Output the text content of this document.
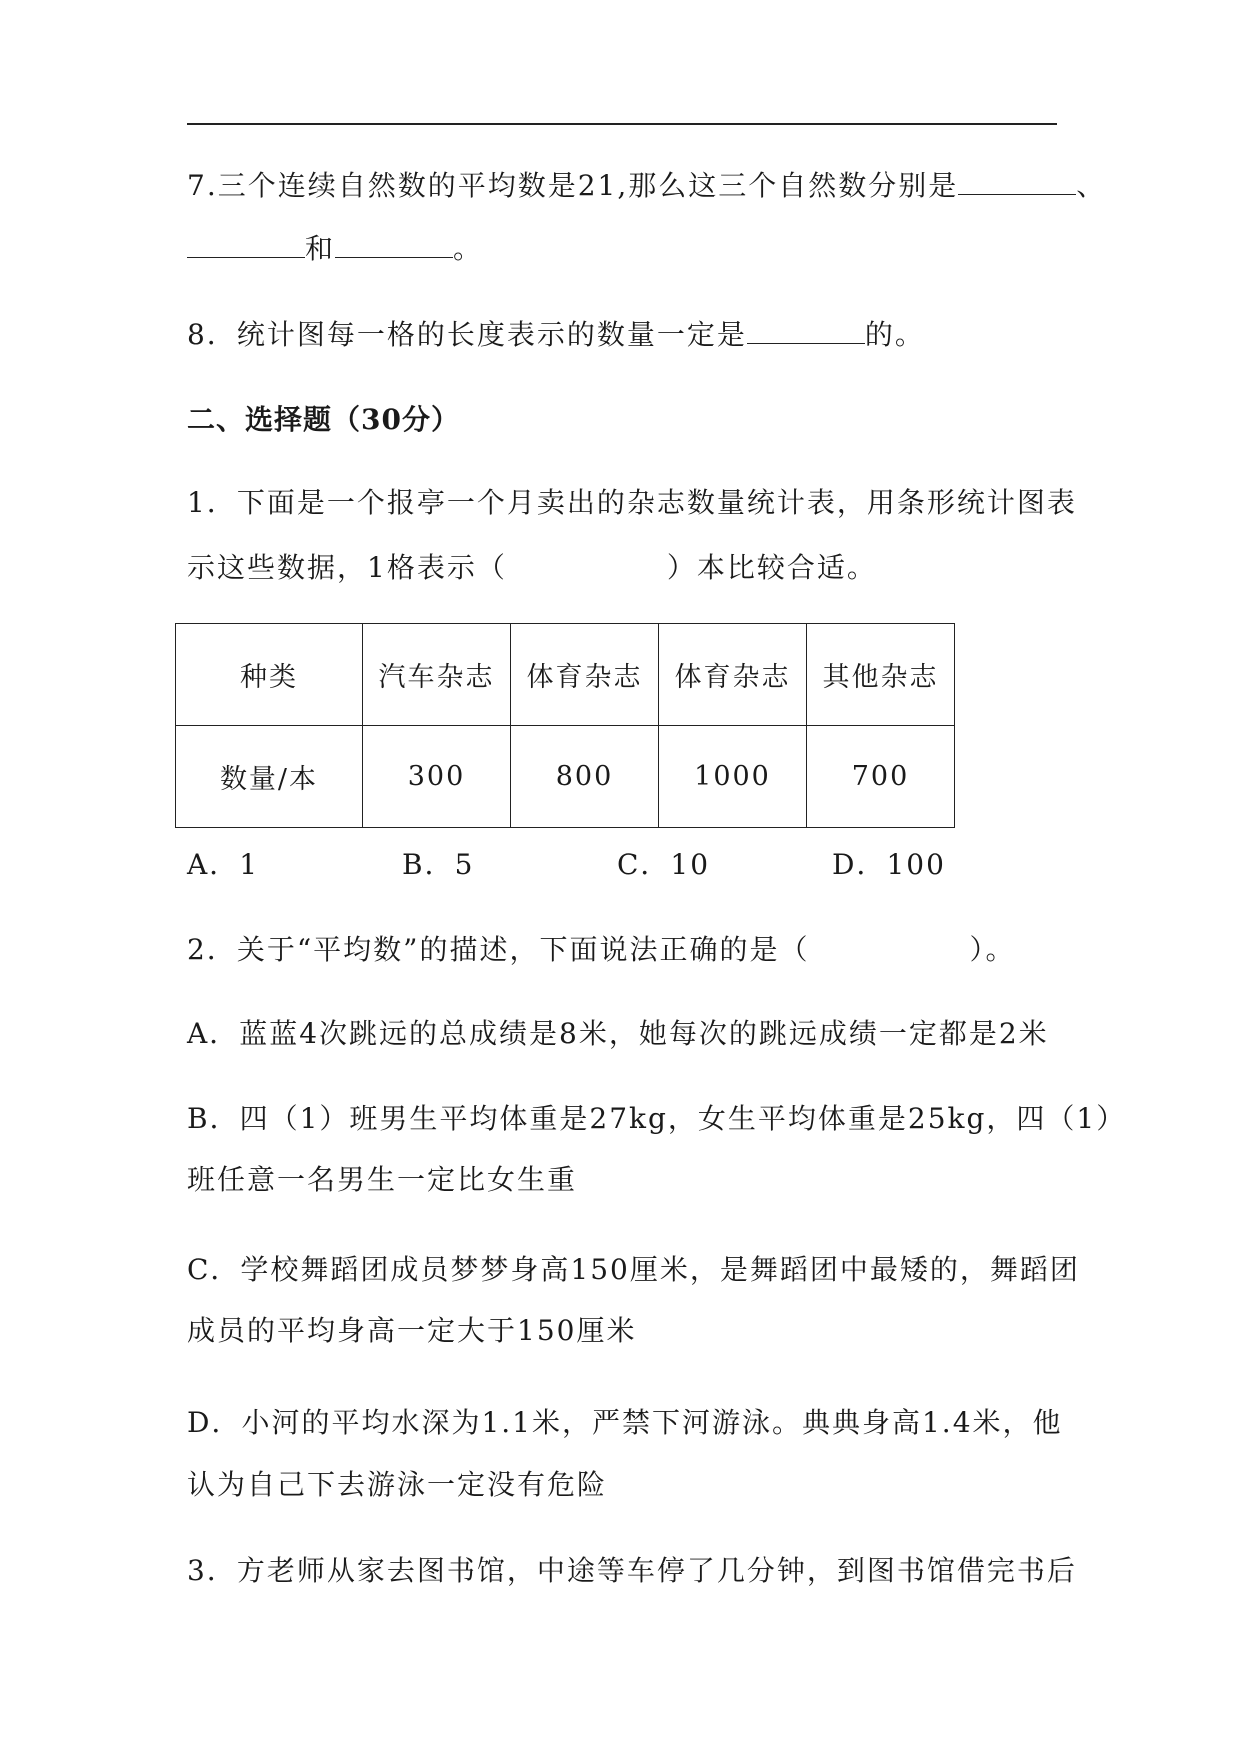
7.三个连续自然数的平均数是21,那么这三个自然数分别是	、
和	。
8．统计图每一格的长度表示的数量一定是	的。
二、选择题（30分）
1．下面是一个报亭一个月卖出的杂志数量统计表，用条形统计图表
示这些数据，1格表示（	）本比较合适。
种类	汽车杂志	体育杂志	体育杂志	其他杂志
数量/本	300	800	1000	700
A．1	B．5	C．10	D．100
2．关于“平均数”的描述，下面说法正确的是（	）。
A．蓝蓝4次跳远的总成绩是8米，她每次的跳远成绩一定都是2米
B．四（1）班男生平均体重是27kg，女生平均体重是25kg，四（1）
班任意一名男生一定比女生重
C．学校舞蹈团成员梦梦身高150厘米，是舞蹈团中最矮的，舞蹈团
成员的平均身高一定大于150厘米
D．小河的平均水深为1.1米，严禁下河游泳。典典身高1.4米，他
认为自己下去游泳一定没有危险
3．方老师从家去图书馆，中途等车停了几分钟，到图书馆借完书后
